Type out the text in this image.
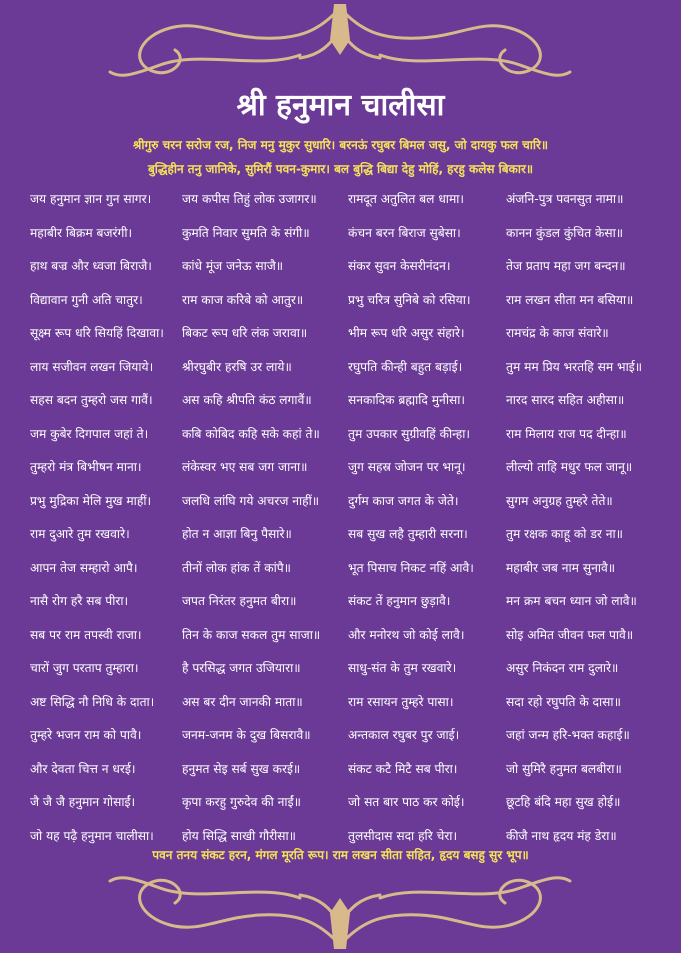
श्री हनुमान चालीसा
श्रीगुरु चरन सरोज रज, निज मनु मुकुर सुधारि। बरनऊं रघुबर बिमल जसु, जो दायकु फल चारि॥
बुद्धिहीन तनु जानिके, सुमिरौं पवन-कुमार। बल बुद्धि बिद्या देहु मोहिं, हरहु कलेस बिकार॥
जय हनुमान ज्ञान गुन सागर।	जय कपीस तिहुं लोक उजागर॥	रामदूत अतुलित बल धामा।	अंजनि-पुत्र पवनसुत नामा॥
महाबीर बिक्रम बजरंगी।	कुमति निवार सुमति के संगी॥	कंचन बरन बिराज सुबेसा।	कानन कुंडल कुंचित केसा॥
हाथ बज्र और ध्वजा बिराजै।	कांधे मूंज जनेऊ साजै॥	संकर सुवन केसरीनंदन।	तेज प्रताप महा जग बन्दन॥
विद्यावान गुनी अति चातुर।	राम काज करिबे को आतुर॥	प्रभु चरित्र सुनिबे को रसिया।	राम लखन सीता मन बसिया॥
सूक्ष्म रूप धरि सियहिं दिखावा।	बिकट रूप धरि लंक जरावा॥	भीम रूप धरि असुर संहारे।	रामचंद्र के काज संवारे॥
लाय सजीवन लखन जियाये।	श्रीरघुबीर हरषि उर लाये॥	रघुपति कीन्ही बहुत बड़ाई।	तुम मम प्रिय भरतहि सम भाई॥
सहस बदन तुम्हरो जस गावैं।	अस कहि श्रीपति कंठ लगावैं॥	सनकादिक ब्रह्मादि मुनीसा।	नारद सारद सहित अहीसा॥
जम कुबेर दिगपाल जहां ते।	कबि कोबिद कहि सके कहां ते॥	तुम उपकार सुग्रीवहिं कीन्हा।	राम मिलाय राज पद दीन्हा॥
तुम्हरो मंत्र बिभीषन माना।	लंकेस्वर भए सब जग जाना॥	जुग सहस्र जोजन पर भानू।	लील्यो ताहि मधुर फल जानू॥
प्रभु मुद्रिका मेलि मुख माहीं।	जलधि लांघि गये अचरज नाहीं॥	दुर्गम काज जगत के जेते।	सुगम अनुग्रह तुम्हरे तेते॥
राम दुआरे तुम रखवारे।	होत न आज्ञा बिनु पैसारे॥	सब सुख लहै तुम्हारी सरना।	तुम रक्षक काहू को डर ना॥
आपन तेज सम्हारो आपै।	तीनों लोक हांक तें कांपै॥	भूत पिसाच निकट नहिं आवै।	महाबीर जब नाम सुनावै॥
नासै रोग हरै सब पीरा।	जपत निरंतर हनुमत बीरा॥	संकट तें हनुमान छुड़ावै।	मन क्रम बचन ध्यान जो लावै॥
सब पर राम तपस्वी राजा।	तिन के काज सकल तुम साजा॥	और मनोरथ जो कोई लावै।	सोइ अमित जीवन फल पावै॥
चारों जुग परताप तुम्हारा।	है परसिद्ध जगत उजियारा॥	साधु-संत के तुम रखवारे।	असुर निकंदन राम दुलारे॥
अष्ट सिद्धि नौ निधि के दाता।	अस बर दीन जानकी माता॥	राम रसायन तुम्हरे पासा।	सदा रहो रघुपति के दासा॥
तुम्हरे भजन राम को पावै।	जनम-जनम के दुख बिसरावै॥	अन्तकाल रघुबर पुर जाई।	जहां जन्म हरि-भक्त कहाई॥
और देवता चित्त न धरई।	हनुमत सेइ सर्ब सुख करई॥	संकट कटै मिटै सब पीरा।	जो सुमिरै हनुमत बलबीरा॥
जै जै जै हनुमान गोसाईं।	कृपा करहु गुरुदेव की नाईं॥	जो सत बार पाठ कर कोई।	छूटहि बंदि महा सुख होई॥
जो यह पढ़ै हनुमान चालीसा।	होय सिद्धि साखी गौरीसा॥	तुलसीदास सदा हरि चेरा।	कीजै नाथ हृदय मंह डेरा॥
पवन तनय संकट हरन, मंगल मूरति रूप। राम लखन सीता सहित, हृदय बसहु सुर भूप॥
